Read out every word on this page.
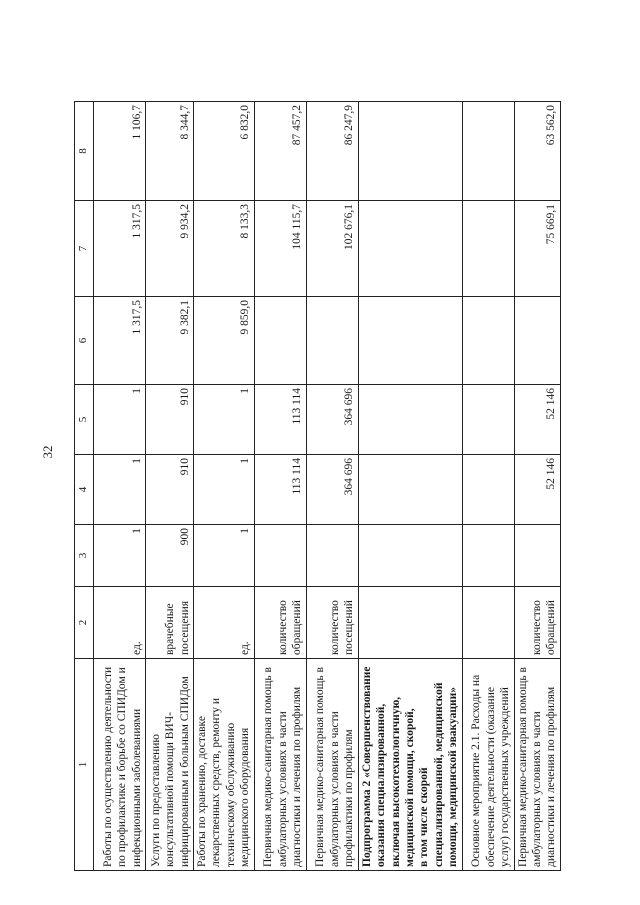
32
1	2	3	4	5	6	7	8
Работы по осуществлению деятельности по профилактике и борьбе со СПИДом и инфекционными заболеваниями	ед.	1	1	1	1 317,5	1 317,5	1 106,7
Услуги по предоставлению консультативной помощи ВИЧ-инфицированным и больным СПИДом	врачебные посещения	900	910	910	9 382,1	9 934,2	8 344,7
Работы по хранению, доставке лекарственных средств, ремонту и техническому обслуживанию медицинского оборудования	ед.	1	1	1	9 859,0	8 133,3	6 832,0
Первичная медико-санитарная помощь в амбулаторных условиях в части диагностики и лечения по профилям	количество обращений		113 114	113 114		104 115,7	87 457,2
Первичная медико-санитарная помощь в амбулаторных условиях в части профилактики по профилям	количество посещений		364 696	364 696		102 676,1	86 247,9

Подпрограмма 2 «Совершенствование оказания специализированной, включая высокотехнологичную, медицинской помощи, скорой, в том числе скорой специализированной, медицинской помощи, медицинской эвакуации»							

Основное мероприятие 2.1. Расходы на обеспечение деятельности (оказание услуг) государственных учреждений							
Первичная медико-санитарная помощь в амбулаторных условиях в части диагностики и лечения по профилям	количество обращений		52 146	52 146		75 669,1	63 562,0
